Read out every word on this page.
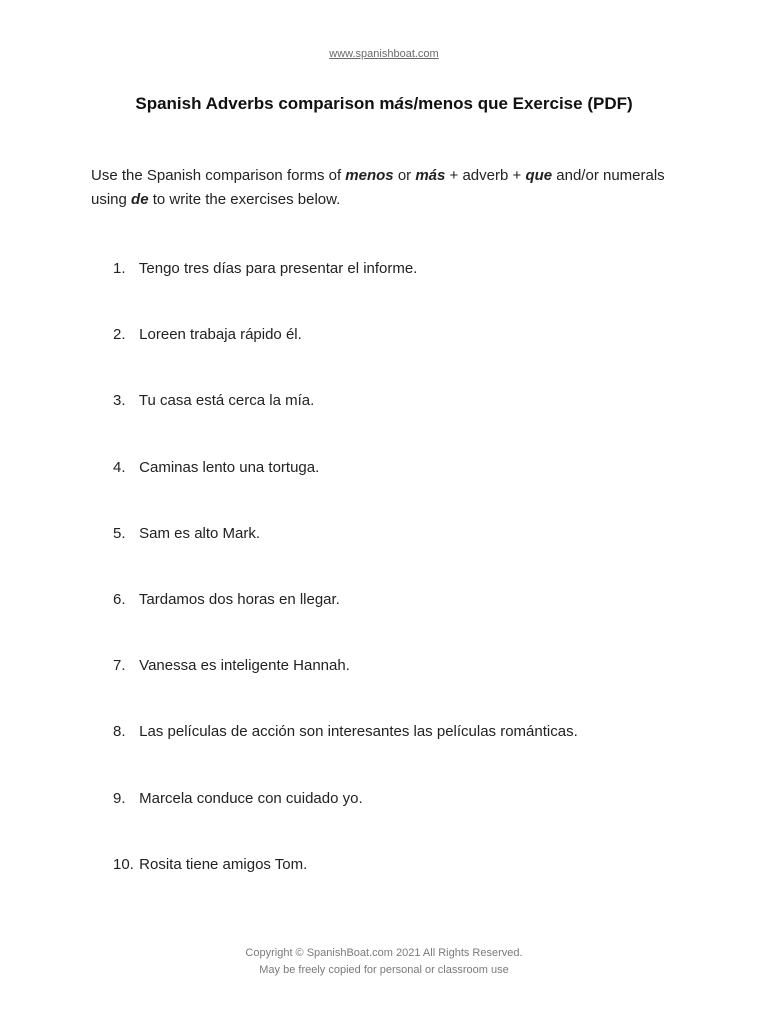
www.spanishboat.com
Spanish Adverbs comparison más/menos que Exercise (PDF)

Use the Spanish comparison forms of menos or más + adverb + que and/or numerals using de to write the exercises below.

1. Tengo tres días para presentar el informe.
2. Loreen trabaja rápido él.
3. Tu casa está cerca la mía.
4. Caminas lento una tortuga.
5. Sam es alto Mark.
6. Tardamos dos horas en llegar.
7. Vanessa es inteligente Hannah.
8. Las películas de acción son interesantes las películas románticas.
9. Marcela conduce con cuidado yo.
10. Rosita tiene amigos Tom.
Copyright © SpanishBoat.com 2021 All Rights Reserved.
May be freely copied for personal or classroom use
